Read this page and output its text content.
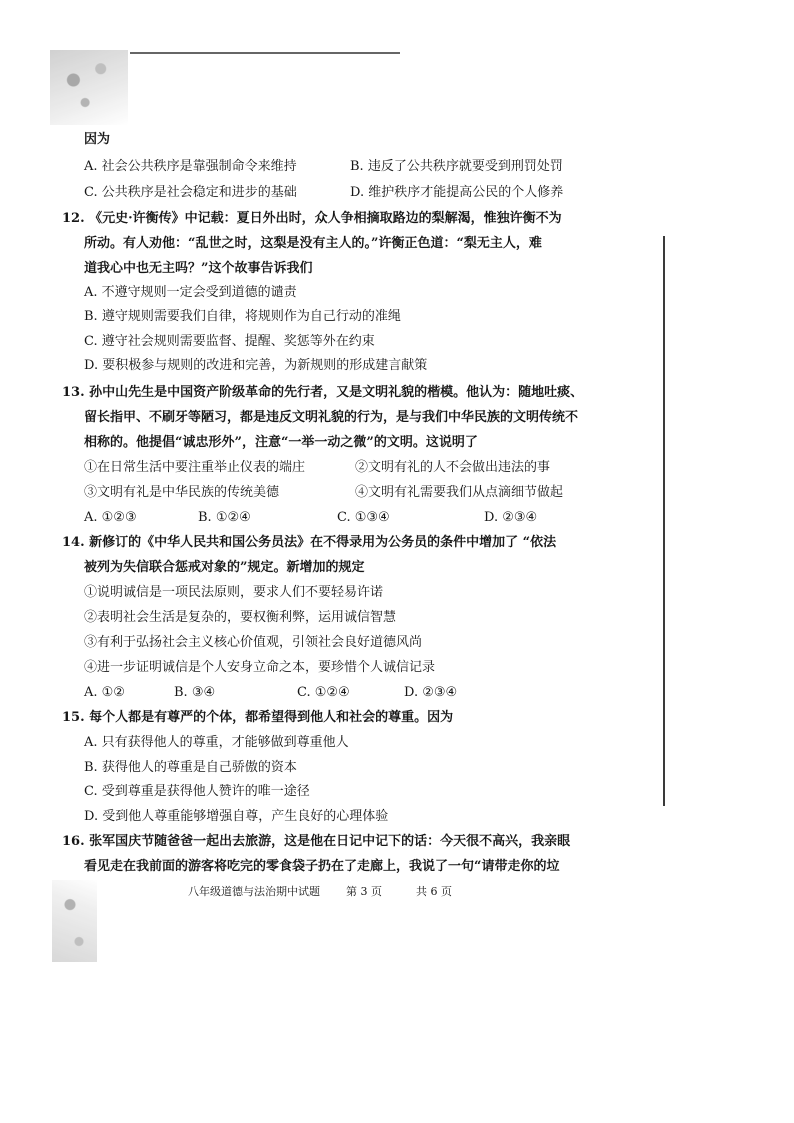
因为
A. 社会公共秩序是靠强制命令来维持	B. 违反了公共秩序就要受到刑罚处罚
C. 公共秩序是社会稳定和进步的基础	D. 维护秩序才能提高公民的个人修养
12. 《元史·许衡传》中记载：夏日外出时，众人争相摘取路边的梨解渴，惟独许衡不为
所动。有人劝他：“乱世之时，这梨是没有主人的。”许衡正色道：“梨无主人，难
道我心中也无主吗？”这个故事告诉我们
A. 不遵守规则一定会受到道德的谴责
B. 遵守规则需要我们自律，将规则作为自己行动的准绳
C. 遵守社会规则需要监督、提醒、奖惩等外在约束
D. 要积极参与规则的改进和完善，为新规则的形成建言献策
13. 孙中山先生是中国资产阶级革命的先行者，又是文明礼貌的楷模。他认为：随地吐痰、
留长指甲、不刷牙等陋习，都是违反文明礼貌的行为，是与我们中华民族的文明传统不
相称的。他提倡“诚忠形外”，注意“一举一动之微”的文明。这说明了
①在日常生活中要注重举止仪表的端庄	②文明有礼的人不会做出违法的事
③文明有礼是中华民族的传统美德	④文明有礼需要我们从点滴细节做起
A. ①②③	B. ①②④	C. ①③④	D. ②③④
14. 新修订的《中华人民共和国公务员法》在不得录用为公务员的条件中增加了 “依法
被列为失信联合惩戒对象的”规定。新增加的规定
①说明诚信是一项民法原则，要求人们不要轻易许诺
②表明社会生活是复杂的，要权衡利弊，运用诚信智慧
③有利于弘扬社会主义核心价值观，引领社会良好道德风尚
④进一步证明诚信是个人安身立命之本，要珍惜个人诚信记录
A. ①②	B. ③④	C. ①②④	D. ②③④
15. 每个人都是有尊严的个体，都希望得到他人和社会的尊重。因为
A. 只有获得他人的尊重，才能够做到尊重他人
B. 获得他人的尊重是自己骄傲的资本
C. 受到尊重是获得他人赞许的唯一途径
D. 受到他人尊重能够增强自尊，产生良好的心理体验
16. 张军国庆节随爸爸一起出去旅游，这是他在日记中记下的话：今天很不高兴，我亲眼
看见走在我前面的游客将吃完的零食袋子扔在了走廊上，我说了一句“请带走你的垃
八年级道德与法治期中试题 第 3 页	共 6 页
